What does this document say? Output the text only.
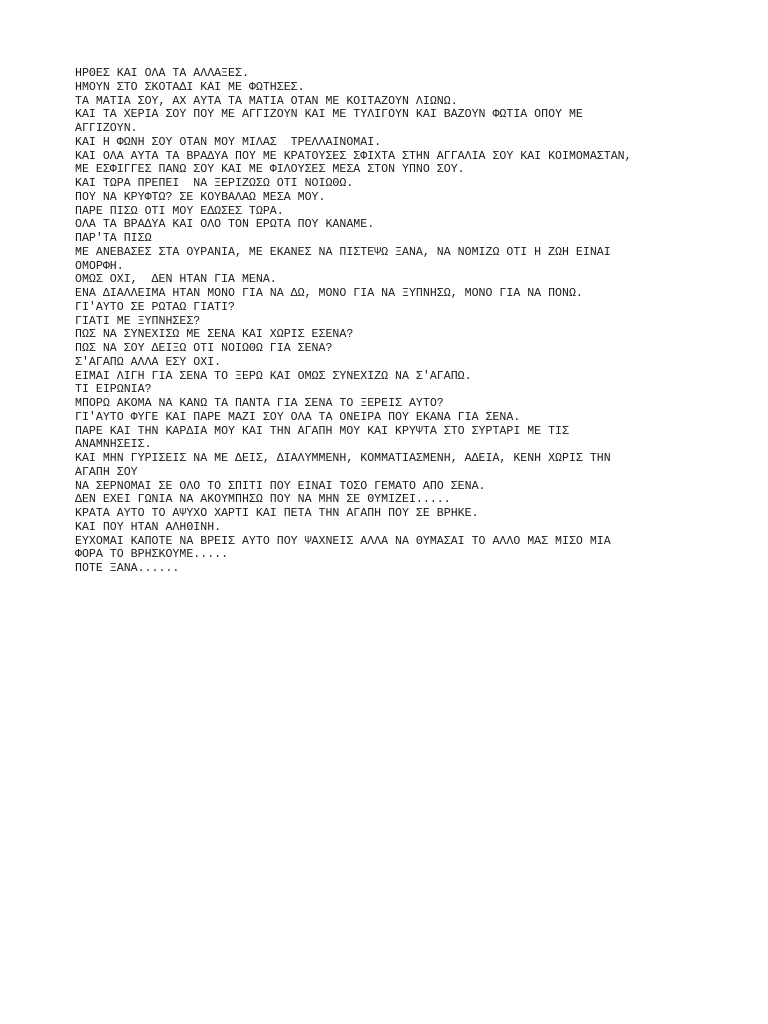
ΗΡΘΕΣ ΚΑΙ ΟΛΑ ΤΑ ΑΛΛΑΞΕΣ.
ΗΜΟΥΝ ΣΤΟ ΣΚΟΤΑΔΙ ΚΑΙ ΜΕ ΦΩΤΗΣΕΣ.
ΤΑ ΜΑΤΙΑ ΣΟΥ, ΑΧ ΑΥΤΑ ΤΑ ΜΑΤΙΑ ΟΤΑΝ ΜΕ ΚΟΙΤΑΖΟΥΝ ΛΙΩΝΩ.
ΚΑΙ ΤΑ ΧΕΡΙΑ ΣΟΥ ΠΟΥ ΜΕ ΑΓΓΙΖΟΥΝ ΚΑΙ ΜΕ ΤΥΛΙΓΟΥΝ ΚΑΙ ΒΑΖΟΥΝ ΦΩΤΙΑ ΟΠΟΥ ΜΕ
ΑΓΓΙΖΟΥΝ.
ΚΑΙ Η ΦΩΝΗ ΣΟΥ ΟΤΑΝ ΜΟΥ ΜΙΛΑΣ  ΤΡΕΛΛΑΙΝΟΜΑΙ.
ΚΑΙ ΟΛΑ ΑΥΤΑ ΤΑ ΒΡΑΔΥΑ ΠΟΥ ΜΕ ΚΡΑΤΟΥΣΕΣ ΣΦΙΧΤΑ ΣΤΗΝ ΑΓΓΑΛΙΑ ΣΟΥ ΚΑΙ ΚΟΙΜΟΜΑΣΤΑΝ,
ΜΕ ΕΣΦΙΓΓΕΣ ΠΑΝΩ ΣΟΥ ΚΑΙ ΜΕ ΦΙΛΟΥΣΕΣ ΜΕΣΑ ΣΤΟΝ ΥΠΝΟ ΣΟΥ.
ΚΑΙ ΤΩΡΑ ΠΡΕΠΕΙ  ΝΑ ΞΕΡΙΖΩΣΩ ΟΤΙ ΝΟΙΩΘΩ.
ΠΟΥ ΝΑ ΚΡΥΦΤΩ? ΣΕ ΚΟΥΒΑΛΑΩ ΜΕΣΑ ΜΟΥ.
ΠΑΡΕ ΠΙΣΩ ΟΤΙ ΜΟΥ ΕΔΩΣΕΣ ΤΩΡΑ.
ΟΛΑ ΤΑ ΒΡΑΔΥΑ ΚΑΙ ΟΛΟ ΤΟΝ ΕΡΩΤΑ ΠΟΥ ΚΑΝΑΜΕ.
ΠΑΡ'ΤΑ ΠΙΣΩ
ΜΕ ΑΝΕΒΑΣΕΣ ΣΤΑ ΟΥΡΑΝΙΑ, ΜΕ ΕΚΑΝΕΣ ΝΑ ΠΙΣΤΕΨΩ ΞΑΝΑ, ΝΑ ΝΟΜΙΖΩ ΟΤΙ Η ΖΩΗ ΕΙΝΑΙ
ΟΜΟΡΦΗ.
ΟΜΩΣ ΟΧΙ,  ΔΕΝ ΗΤΑΝ ΓΙΑ ΜΕΝΑ.
ΕΝΑ ΔΙΑΛΛΕΙΜΑ ΗΤΑΝ ΜΟΝΟ ΓΙΑ ΝΑ ΔΩ, ΜΟΝΟ ΓΙΑ ΝΑ ΞΥΠΝΗΣΩ, ΜΟΝΟ ΓΙΑ ΝΑ ΠΟΝΩ.
ΓΙ'ΑΥΤΟ ΣΕ ΡΩΤΑΩ ΓΙΑΤΙ?
ΓΙΑΤΙ ΜΕ ΞΥΠΝΗΣΕΣ?
ΠΩΣ ΝΑ ΣΥΝΕΧΙΣΩ ΜΕ ΣΕΝΑ ΚΑΙ ΧΩΡΙΣ ΕΣΕΝΑ?
ΠΩΣ ΝΑ ΣΟΥ ΔΕΙΞΩ ΟΤΙ ΝΟΙΩΘΩ ΓΙΑ ΣΕΝΑ?
Σ'ΑΓΑΠΩ ΑΛΛΑ ΕΣΥ ΟΧΙ.
ΕΙΜΑΙ ΛΙΓΗ ΓΙΑ ΣΕΝΑ ΤΟ ΞΕΡΩ ΚΑΙ ΟΜΩΣ ΣΥΝΕΧΙΖΩ ΝΑ Σ'ΑΓΑΠΩ.
ΤΙ ΕΙΡΩΝΙΑ?
ΜΠΟΡΩ ΑΚΟΜΑ ΝΑ ΚΑΝΩ ΤΑ ΠΑΝΤΑ ΓΙΑ ΣΕΝΑ ΤΟ ΞΕΡΕΙΣ ΑΥΤΟ?
ΓΙ'ΑΥΤΟ ΦΥΓΕ ΚΑΙ ΠΑΡΕ ΜΑΖΙ ΣΟΥ ΟΛΑ ΤΑ ΟΝΕΙΡΑ ΠΟΥ ΕΚΑΝΑ ΓΙΑ ΣΕΝΑ.
ΠΑΡΕ ΚΑΙ ΤΗΝ ΚΑΡΔΙΑ ΜΟΥ ΚΑΙ ΤΗΝ ΑΓΑΠΗ ΜΟΥ ΚΑΙ ΚΡΥΨΤΑ ΣΤΟ ΣΥΡΤΑΡΙ ΜΕ ΤΙΣ
ΑΝΑΜΝΗΣΕΙΣ.
ΚΑΙ ΜΗΝ ΓΥΡΙΣΕΙΣ ΝΑ ΜΕ ΔΕΙΣ, ΔΙΑΛΥΜΜΕΝΗ, ΚΟΜΜΑΤΙΑΣΜΕΝΗ, ΑΔΕΙΑ, ΚΕΝΗ ΧΩΡΙΣ ΤΗΝ
ΑΓΑΠΗ ΣΟΥ
ΝΑ ΣΕΡΝΟΜΑΙ ΣΕ ΟΛΟ ΤΟ ΣΠΙΤΙ ΠΟΥ ΕΙΝΑΙ ΤΟΣΟ ΓΕΜΑΤΟ ΑΠΟ ΣΕΝΑ.
ΔΕΝ ΕΧΕΙ ΓΩΝΙΑ ΝΑ ΑΚΟΥΜΠΗΣΩ ΠΟΥ ΝΑ ΜΗΝ ΣΕ ΘΥΜΙΖΕΙ.....
ΚΡΑΤΑ ΑΥΤΟ ΤΟ ΑΨΥΧΟ ΧΑΡΤΙ ΚΑΙ ΠΕΤΑ ΤΗΝ ΑΓΑΠΗ ΠΟΥ ΣΕ ΒΡΗΚΕ.
ΚΑΙ ΠΟΥ ΗΤΑΝ ΑΛΗΘΙΝΗ.
ΕΥΧΟΜΑΙ ΚΑΠΟΤΕ ΝΑ ΒΡΕΙΣ ΑΥΤΟ ΠΟΥ ΨΑΧΝΕΙΣ ΑΛΛΑ ΝΑ ΘΥΜΑΣΑΙ ΤΟ ΑΛΛΟ ΜΑΣ ΜΙΣΟ ΜΙΑ
ΦΟΡΑ ΤΟ ΒΡΗΣΚΟΥΜΕ.....
ΠΟΤΕ ΞΑΝΑ......
